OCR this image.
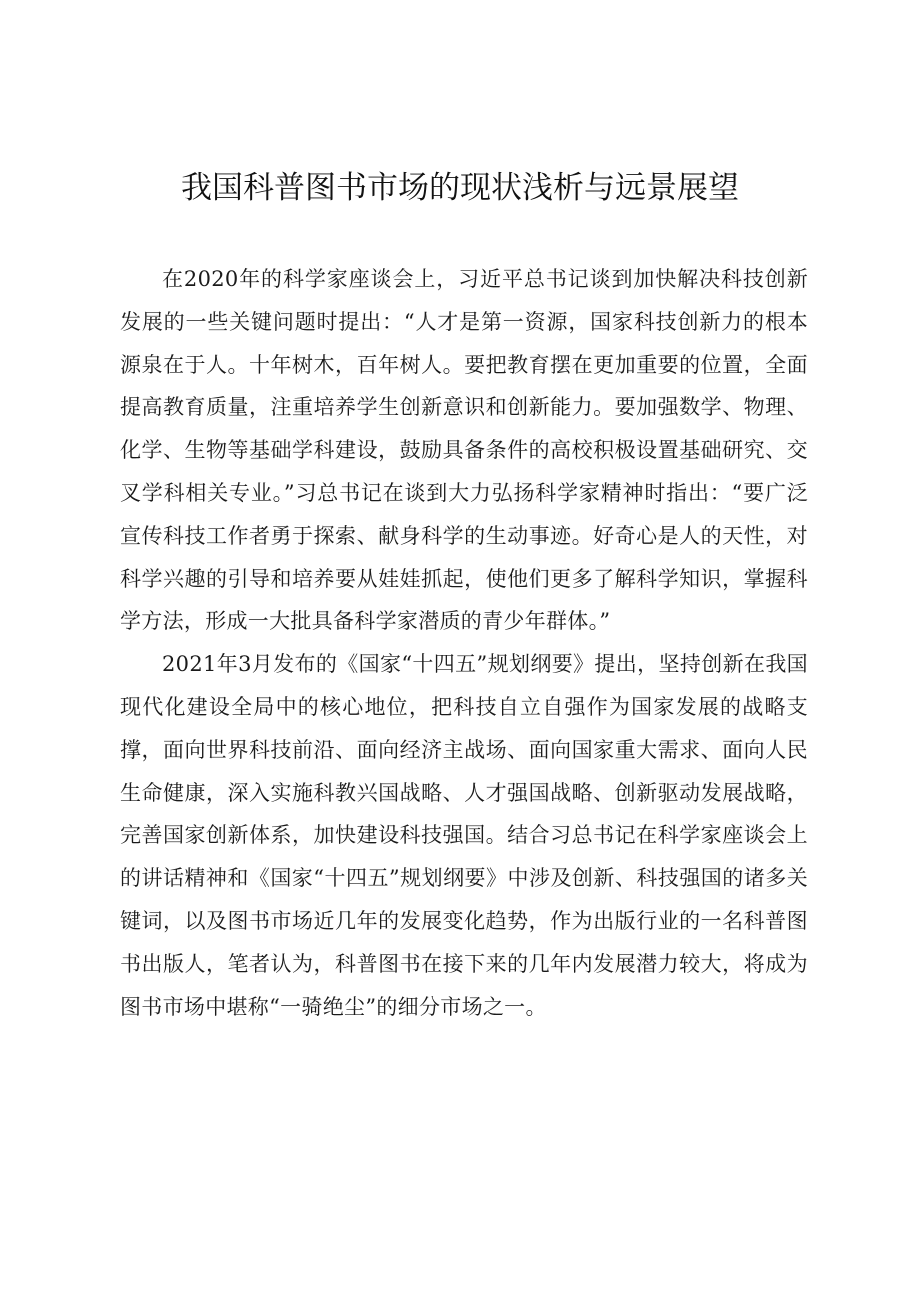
我国科普图书市场的现状浅析与远景展望

在2020年的科学家座谈会上，习近平总书记谈到加快解决科技创新发展的一些关键问题时提出：“人才是第一资源，国家科技创新力的根本源泉在于人。十年树木，百年树人。要把教育摆在更加重要的位置，全面提高教育质量，注重培养学生创新意识和创新能力。要加强数学、物理、化学、生物等基础学科建设，鼓励具备条件的高校积极设置基础研究、交叉学科相关专业。”习总书记在谈到大力弘扬科学家精神时指出：“要广泛宣传科技工作者勇于探索、献身科学的生动事迹。好奇心是人的天性，对科学兴趣的引导和培养要从娃娃抓起，使他们更多了解科学知识，掌握科学方法，形成一大批具备科学家潜质的青少年群体。”

2021年3月发布的《国家“十四五”规划纲要》提出，坚持创新在我国现代化建设全局中的核心地位，把科技自立自强作为国家发展的战略支撑，面向世界科技前沿、面向经济主战场、面向国家重大需求、面向人民生命健康，深入实施科教兴国战略、人才强国战略、创新驱动发展战略，完善国家创新体系，加快建设科技强国。结合习总书记在科学家座谈会上的讲话精神和《国家“十四五”规划纲要》中涉及创新、科技强国的诸多关键词，以及图书市场近几年的发展变化趋势，作为出版行业的一名科普图书出版人，笔者认为，科普图书在接下来的几年内发展潜力较大，将成为图书市场中堪称“一骑绝尘”的细分市场之一。
